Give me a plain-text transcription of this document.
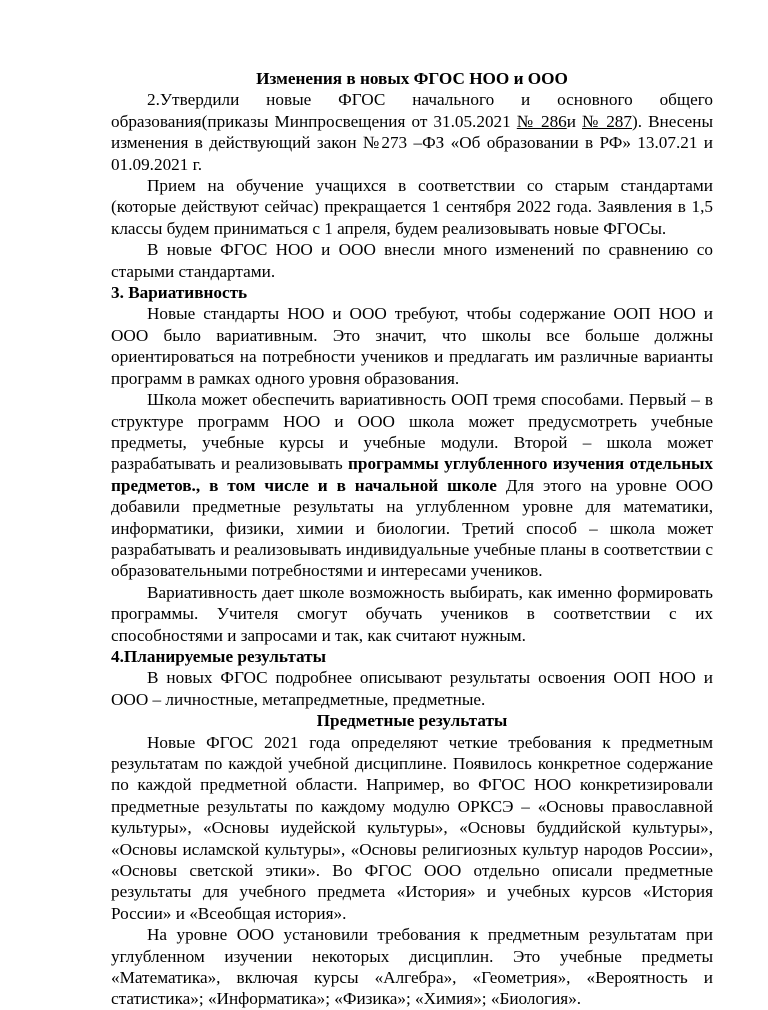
Изменения в новых ФГОС НОО и ООО

2.Утвердили новые ФГОС начального и основного общего образования(приказы Минпросвещения от 31.05.2021 № 286и № 287). Внесены изменения в действующий закон №273 –ФЗ «Об образовании в РФ» 13.07.21 и 01.09.2021 г.

Прием на обучение учащихся в соответствии со старым стандартами (которые действуют сейчас) прекращается 1 сентября 2022 года. Заявления в 1,5 классы будем приниматься с 1 апреля, будем реализовывать новые ФГОСы.

В новые ФГОС НОО и ООО внесли много изменений по сравнению со старыми стандартами.

3. Вариативность

Новые стандарты НОО и ООО требуют, чтобы содержание ООП НОО и ООО было вариативным. Это значит, что школы все больше должны ориентироваться на потребности учеников и предлагать им различные варианты программ в рамках одного уровня образования.

Школа может обеспечить вариативность ООП тремя способами. Первый – в структуре программ НОО и ООО школа может предусмотреть учебные предметы, учебные курсы и учебные модули. Второй – школа может разрабатывать и реализовывать программы углубленного изучения отдельных предметов., в том числе и в начальной школе Для этого на уровне ООО добавили предметные результаты на углубленном уровне для математики, информатики, физики, химии и биологии. Третий способ – школа может разрабатывать и реализовывать индивидуальные учебные планы в соответствии с образовательными потребностями и интересами учеников.

Вариативность дает школе возможность выбирать, как именно формировать программы. Учителя смогут обучать учеников в соответствии с их способностями и запросами и так, как считают нужным.

4.Планируемые результаты

В новых ФГОС подробнее описывают результаты освоения ООП НОО и ООО – личностные, метапредметные, предметные.

Предметные результаты

Новые ФГОС 2021 года определяют четкие требования к предметным результатам по каждой учебной дисциплине. Появилось конкретное содержание по каждой предметной области. Например, во ФГОС НОО конкретизировали предметные результаты по каждому модулю ОРКСЭ – «Основы православной культуры», «Основы иудейской культуры», «Основы буддийской культуры», «Основы исламской культуры», «Основы религиозных культур народов России», «Основы светской этики». Во ФГОС ООО отдельно описали предметные результаты для учебного предмета «История» и учебных курсов «История России» и «Всеобщая история».

На уровне ООО установили требования к предметным результатам при углубленном изучении некоторых дисциплин. Это учебные предметы «Математика», включая курсы «Алгебра», «Геометрия», «Вероятность и статистика»; «Информатика»; «Физика»; «Химия»; «Биология».
